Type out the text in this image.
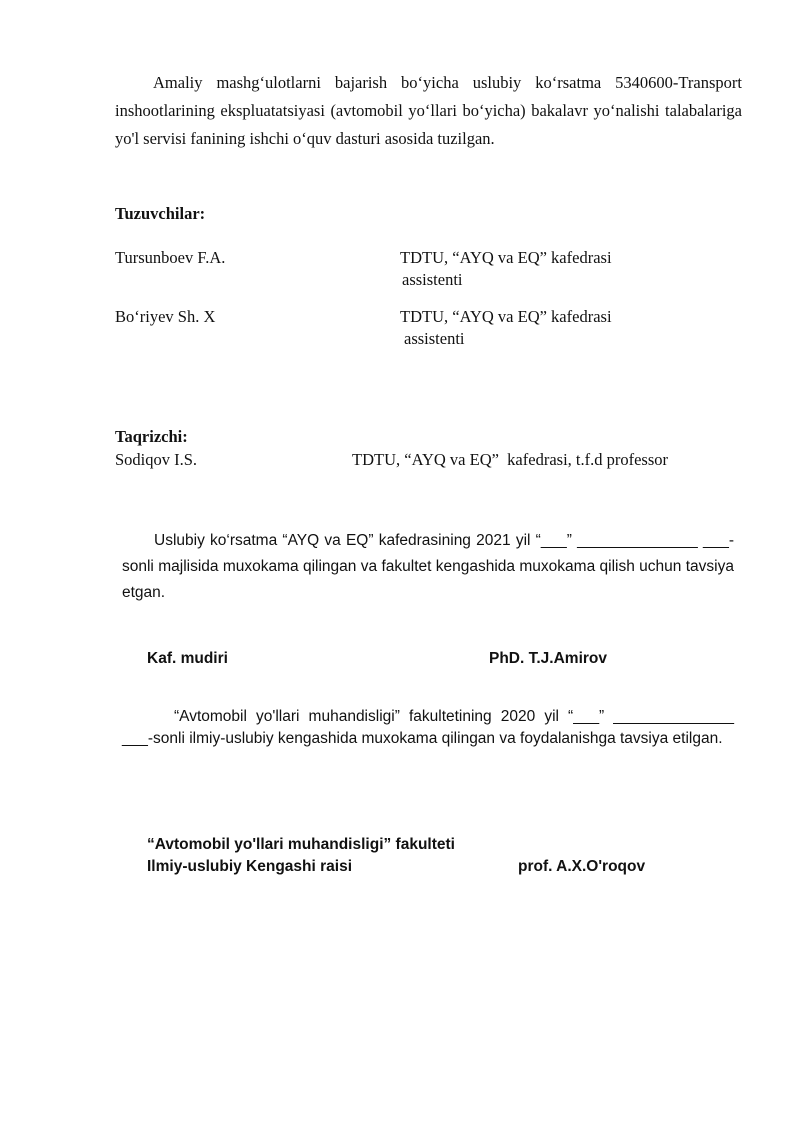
Amaliy mashg‘ulotlarni bajarish bo‘yicha uslubiy ko‘rsatma 5340600-Transport inshootlarining ekspluatatsiyasi (avtomobil yo‘llari bo‘yicha) bakalavr yo‘nalishi talabalariga yo'l servisi fanining ishchi o‘quv dasturi asosida tuzilgan.

Tuzuvchilar:
Tursunboev F.A.	TDTU, “AYQ va EQ” kafedrasi
assistenti
Bo‘riyev Sh. X	TDTU, “AYQ va EQ” kafedrasi
assistenti
Taqrizchi:
Sodiqov I.S.	TDTU, “AYQ va EQ”  kafedrasi, t.f.d professor

Uslubiy ko‘rsatma “AYQ va EQ” kafedrasining 2021 yil “___” ______________ ___-sonli majlisida muxokama qilingan va fakultet kengashida muxokama qilish uchun tavsiya etgan.

Kaf. mudiri	PhD. T.J.Amirov

“Avtomobil yo'llari muhandisligi” fakultetining 2020 yil “___” ______________ ___-sonli ilmiy-uslubiy kengashida muxokama qilingan va foydalanishga tavsiya etilgan.

“Avtomobil yo'llari muhandisligi” fakulteti
Ilmiy-uslubiy Kengashi raisi	prof. A.X.O'roqov
